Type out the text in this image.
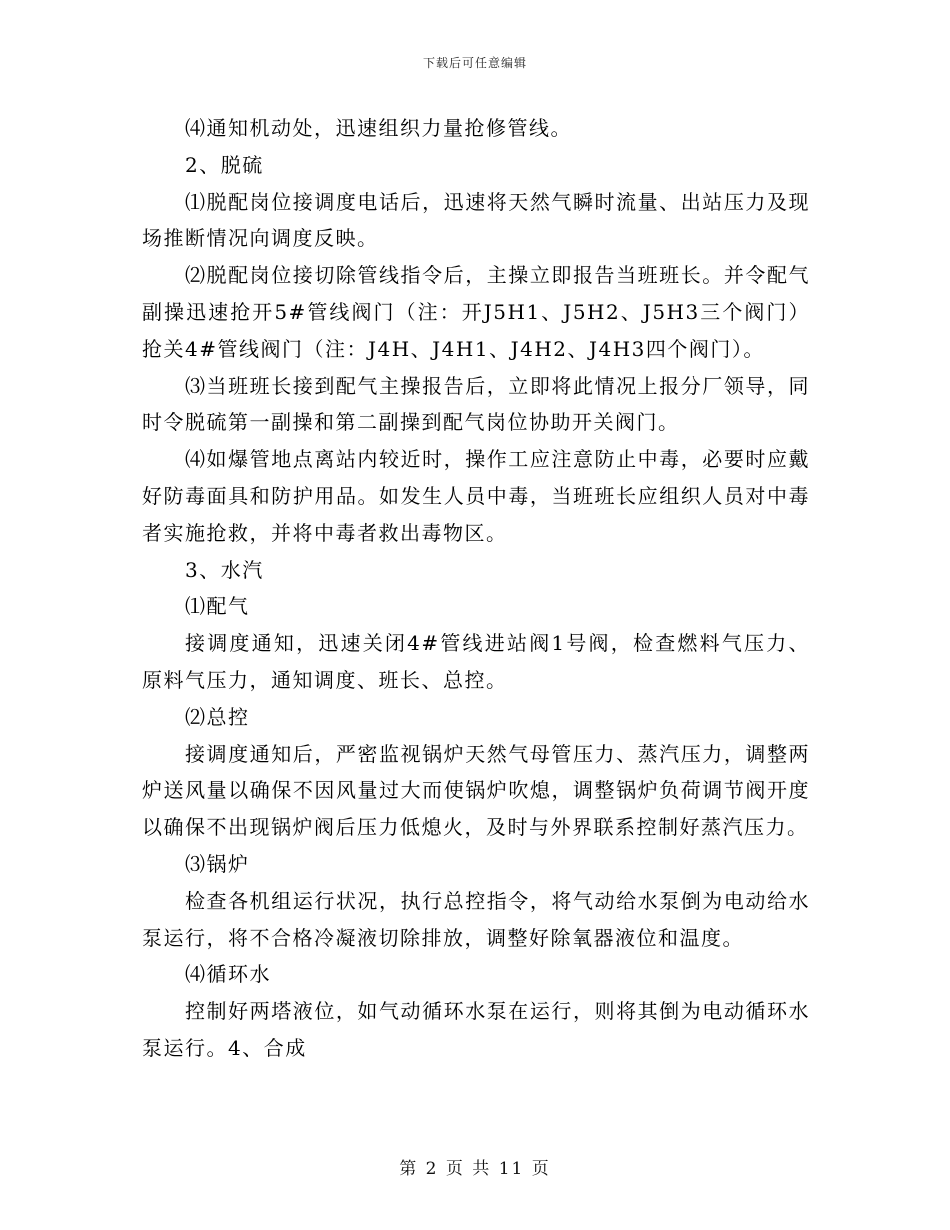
下载后可任意编辑

⑷通知机动处，迅速组织力量抢修管线。

2、脱硫

⑴脱配岗位接调度电话后，迅速将天然气瞬时流量、出站压力及现场推断情况向调度反映。

⑵脱配岗位接切除管线指令后，主操立即报告当班班长。并令配气副操迅速抢开5#管线阀门（注：开J5H1、J5H2、J5H3三个阀门）抢关4#管线阀门（注：J4H、J4H1、J4H2、J4H3四个阀门）。

⑶当班班长接到配气主操报告后，立即将此情况上报分厂领导，同时令脱硫第一副操和第二副操到配气岗位协助开关阀门。

⑷如爆管地点离站内较近时，操作工应注意防止中毒，必要时应戴好防毒面具和防护用品。如发生人员中毒，当班班长应组织人员对中毒者实施抢救，并将中毒者救出毒物区。

3、水汽

⑴配气

接调度通知，迅速关闭4#管线进站阀1号阀，检查燃料气压力、原料气压力，通知调度、班长、总控。

⑵总控

接调度通知后，严密监视锅炉天然气母管压力、蒸汽压力，调整两炉送风量以确保不因风量过大而使锅炉吹熄，调整锅炉负荷调节阀开度以确保不出现锅炉阀后压力低熄火，及时与外界联系控制好蒸汽压力。

⑶锅炉

检查各机组运行状况，执行总控指令，将气动给水泵倒为电动给水泵运行，将不合格冷凝液切除排放，调整好除氧器液位和温度。

⑷循环水

控制好两塔液位，如气动循环水泵在运行，则将其倒为电动循环水泵运行。4、合成

第 2 页 共 11 页
